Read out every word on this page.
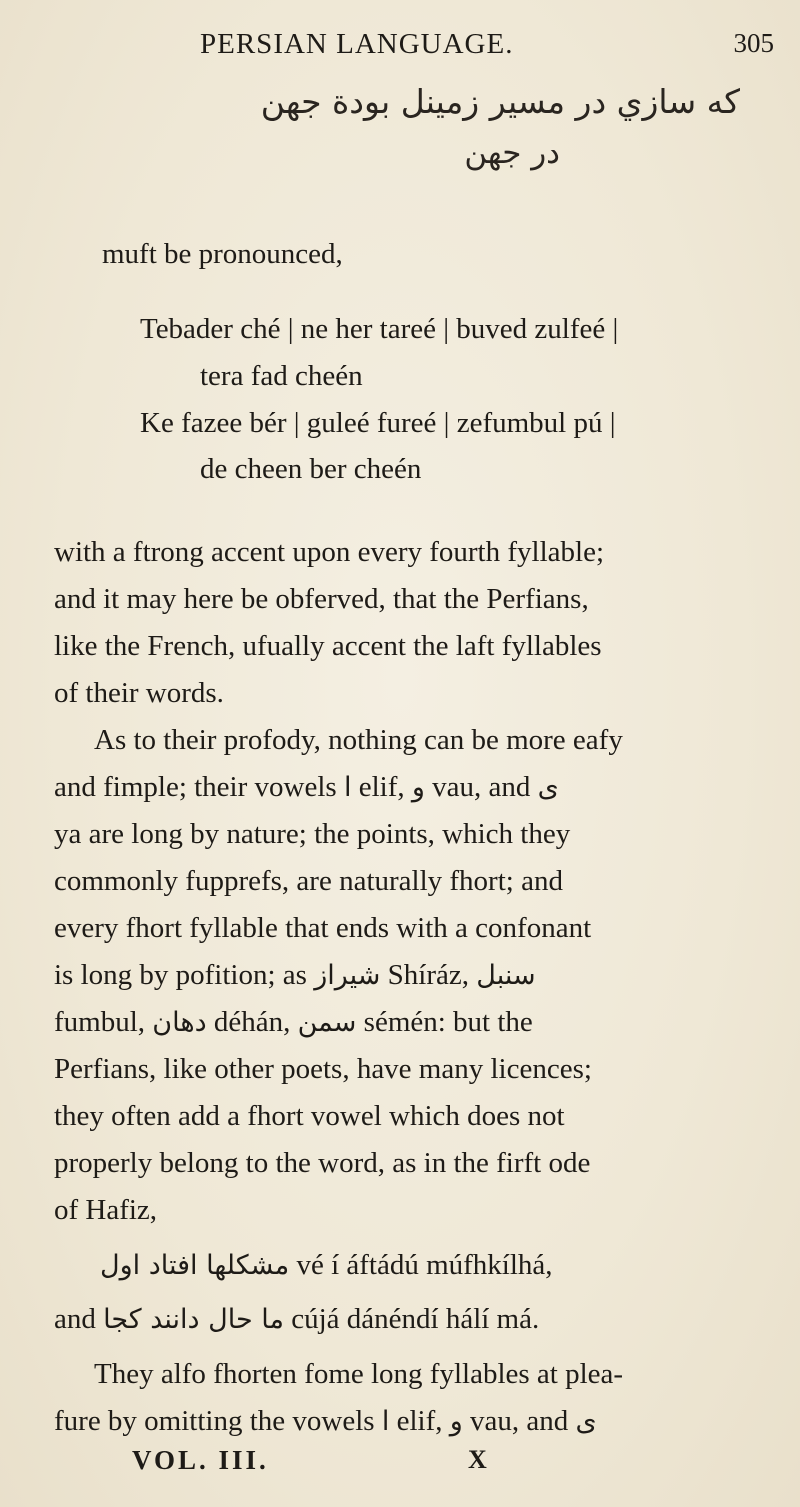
PERSIAN LANGUAGE.	305
كه سازي در مسير زمينل بودة جهن
در جهن
muft be pronounced,
Tebader ché | ne her tareé | buved zulfeé |
tera fad cheén
Ke fazee bér | guleé fureé | zefumbul pú |
de cheen ber cheén
with a ftrong accent upon every fourth fyllable;
and it may here be obferved, that the Perfians,
like the French, ufually accent the laft fyllables
of their words.
As to their profody, nothing can be more eafy
and fimple; their vowels ا elif, و vau, and ی
ya are long by nature; the points, which they
commonly fupprefs, are naturally fhort; and
every fhort fyllable that ends with a confonant
is long by pofition; as شیراز Shíráz, سنبل
fumbul, دهان déhán, سمن sémén: but the
Perfians, like other poets, have many licences;
they often add a fhort vowel which does not
properly belong to the word, as in the firft ode
of Hafiz,
مشكلها افتاد اول vé í áftádú múfhkílhá,
and ما حال دانند كجا cújá dánéndí hálí má.
They alfo fhorten fome long fyllables at plea-
fure by omitting the vowels ا elif, و vau, and ی
VOL. III.	X
